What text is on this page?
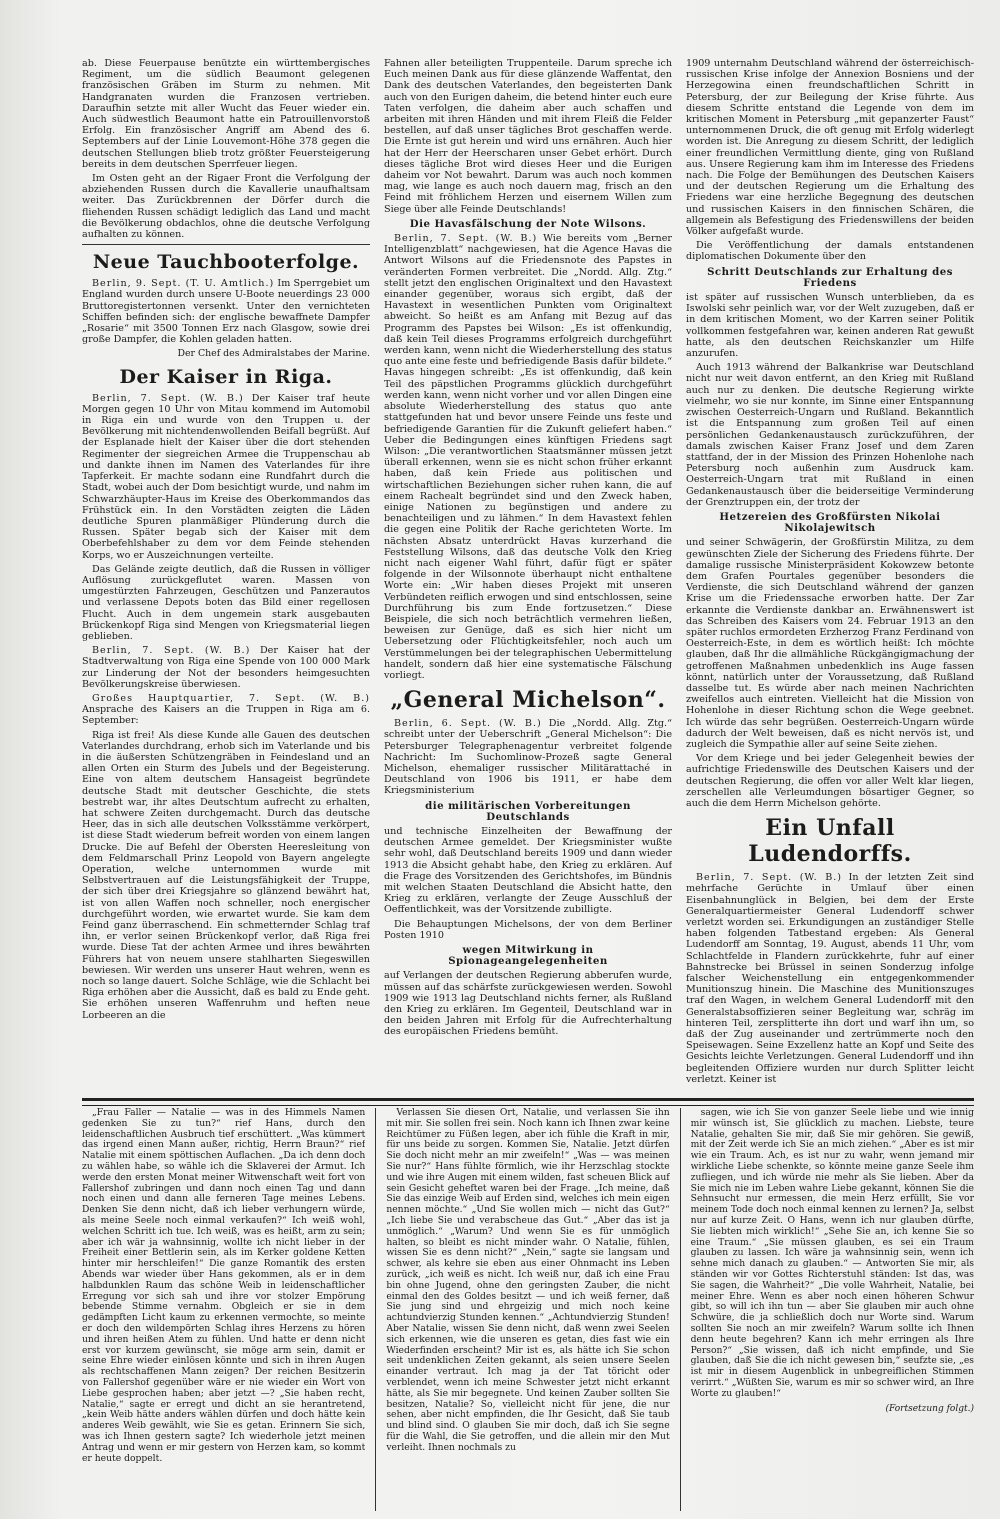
ab. Diese Feuerpause benützte ein württembergisches Regiment, um die südlich Beaumont gelegenen französischen Gräben im Sturm zu nehmen. Mit Handgranaten wurden die Franzosen vertrieben. Daraufhin setzte mit aller Wucht das Feuer wieder ein. Auch südwestlich Beaumont hatte ein Patrouillenvorstoß Erfolg. Ein französischer Angriff am Abend des 6. Septembers auf der Linie Louvemont-Höhe 378 gegen die deutschen Stellungen blieb trotz größter Feuersteigerung bereits in dem deutschen Sperrfeuer liegen.

Im Osten geht an der Rigaer Front die Verfolgung der abziehenden Russen durch die Kavallerie unaufhaltsam weiter. Das Zurückbrennen der Dörfer durch die fliehenden Russen schädigt lediglich das Land und macht die Bevölkerung obdachlos, ohne die deutsche Verfolgung aufhalten zu können.

Neue Tauchbooterfolge.

Berlin, 9. Sept. (T. U. Amtlich.) Im Sperrgebiet um England wurden durch unsere U-Boote neuerdings 23 000 Bruttoregistertonnen versenkt. Unter den vernichteten Schiffen befinden sich: der englische bewaffnete Dampfer „Rosarie“ mit 3500 Tonnen Erz nach Glasgow, sowie drei große Dampfer, die Kohlen geladen hatten.

Der Chef des Admiralstabes der Marine.
Der Kaiser in Riga.

Berlin, 7. Sept. (W. B.) Der Kaiser traf heute Morgen gegen 10 Uhr von Mitau kommend im Automobil in Riga ein und wurde von den Truppen u. der Bevölkerung mit nichtendenwollenden Beifall begrüßt. Auf der Esplanade hielt der Kaiser über die dort stehenden Regimenter der siegreichen Armee die Truppenschau ab und dankte ihnen im Namen des Vaterlandes für ihre Tapferkeit. Er machte sodann eine Rundfahrt durch die Stadt, wobei auch der Dom besichtigt wurde, und nahm im Schwarzhäupter-Haus im Kreise des Oberkommandos das Frühstück ein. In den Vorstädten zeigten die Läden deutliche Spuren planmäßiger Plünderung durch die Russen. Später begab sich der Kaiser mit dem Oberbefehlshaber zu dem vor dem Feinde stehenden Korps, wo er Auszeichnungen verteilte.

Das Gelände zeigte deutlich, daß die Russen in völliger Auflösung zurückgeflutet waren. Massen von umgestürzten Fahrzeugen, Geschützen und Panzerautos und verlassene Depots boten das Bild einer regellosen Flucht. Auch in dem ungemein stark ausgebauten Brückenkopf Riga sind Mengen von Kriegsmaterial liegen geblieben.

Berlin, 7. Sept. (W. B.) Der Kaiser hat der Stadtverwaltung von Riga eine Spende von 100 000 Mark zur Linderung der Not der besonders heimgesuchten Bevölkerungskreise überwiesen.

Großes Hauptquartier, 7. Sept. (W. B.) Ansprache des Kaisers an die Truppen in Riga am 6. September:

Riga ist frei! Als diese Kunde alle Gauen des deutschen Vaterlandes durchdrang, erhob sich im Vaterlande und bis in die äußersten Schützengräben in Feindesland und an allen Orten ein Sturm des Jubels und der Begeisterung. Eine von altem deutschem Hansageist begründete deutsche Stadt mit deutscher Geschichte, die stets bestrebt war, ihr altes Deutschtum aufrecht zu erhalten, hat schwere Zeiten durchgemacht. Durch das deutsche Heer, das in sich alle deutschen Volksstämme verkörpert, ist diese Stadt wiederum befreit worden von einem langen Drucke. Die auf Befehl der Obersten Heeresleitung von dem Feldmarschall Prinz Leopold von Bayern angelegte Operation, welche unternommen wurde mit Selbstvertrauen auf die Leistungsfähigkeit der Truppe, der sich über drei Kriegsjahre so glänzend bewährt hat, ist von allen Waffen noch schneller, noch energischer durchgeführt worden, wie erwartet wurde. Sie kam dem Feind ganz überraschend. Ein schmetternder Schlag traf ihn, er verlor seinen Brückenkopf verlor, daß Riga frei wurde. Diese Tat der achten Armee und ihres bewährten Führers hat von neuem unsere stahlharten Siegeswillen bewiesen. Wir werden uns unserer Haut wehren, wenn es noch so lange dauert. Solche Schläge, wie die Schlacht bei Riga erhöhen aber die Aussicht, daß es bald zu Ende geht. Sie erhöhen unseren Waffenruhm und heften neue Lorbeeren an die

Fahnen aller beteiligten Truppenteile. Darum spreche ich Euch meinen Dank aus für diese glänzende Waffentat, den Dank des deutschen Vaterlandes, den begeisterten Dank auch von den Eurigen daheim, die betend hinter euch eure Taten verfolgen, die daheim aber auch schaffen und arbeiten mit ihren Händen und mit ihrem Fleiß die Felder bestellen, auf daß unser tägliches Brot geschaffen werde. Die Ernte ist gut herein und wird uns ernähren. Auch hier hat der Herr der Heerscharen unser Gebet erhört. Durch dieses tägliche Brot wird dieses Heer und die Eurigen daheim vor Not bewahrt. Darum was auch noch kommen mag, wie lange es auch noch dauern mag, frisch an den Feind mit fröhlichem Herzen und eisernem Willen zum Siege über alle Feinde Deutschlands!

Die Havasfälschung der Note Wilsons.

Berlin, 7. Sept. (W. B.) Wie bereits vom „Berner Intelligenzblatt“ nachgewiesen, hat die Agence Havas die Antwort Wilsons auf die Friedensnote des Papstes in veränderten Formen verbreitet. Die „Nordd. Allg. Ztg.“ stellt jetzt den englischen Originaltext und den Havastext einander gegenüber, woraus sich ergibt, daß der Havastext in wesentlichen Punkten vom Originaltext abweicht. So heißt es am Anfang mit Bezug auf das Programm des Papstes bei Wilson: „Es ist offenkundig, daß kein Teil dieses Programms erfolgreich durchgeführt werden kann, wenn nicht die Wiederherstellung des status quo ante eine feste und befriedigende Basis dafür bildete.“ Havas hingegen schreibt: „Es ist offenkundig, daß kein Teil des päpstlichen Programms glücklich durchgeführt werden kann, wenn nicht vorher und vor allen Dingen eine absolute Wiederherstellung des status quo ante stattgefunden hat und bevor unsere Feinde uns feste und befriedigende Garantien für die Zukunft geliefert haben.“ Ueber die Bedingungen eines künftigen Friedens sagt Wilson: „Die verantwortlichen Staatsmänner müssen jetzt überall erkennen, wenn sie es nicht schon früher erkannt haben, daß kein Friede aus politischen und wirtschaftlichen Beziehungen sicher ruhen kann, die auf einem Rachealt begründet sind und den Zweck haben, einige Nationen zu begünstigen und andere zu benachteiligen und zu lähmen.“ In dem Havastext fehlen die gegen eine Politik der Rache gerichteten Worte. Im nächsten Absatz unterdrückt Havas kurzerhand die Feststellung Wilsons, daß das deutsche Volk den Krieg nicht nach eigener Wahl führt, dafür fügt er später folgende in der Wilsonnote überhaupt nicht enthaltene Worte ein: „Wir haben dieses Projekt mit unseren Verbündeten reiflich erwogen und sind entschlossen, seine Durchführung bis zum Ende fortzusetzen.“ Diese Beispiele, die sich noch beträchtlich vermehren ließen, beweisen zur Genüge, daß es sich hier nicht um Uebersetzung oder Flüchtigkeitsfehler, noch auch um Verstümmelungen bei der telegraphischen Uebermittelung handelt, sondern daß hier eine systematische Fälschung vorliegt.

„General Michelson“.

Berlin, 6. Sept. (W. B.) Die „Nordd. Allg. Ztg.“ schreibt unter der Ueberschrift „General Michelson“: Die Petersburger Telegraphenagentur verbreitet folgende Nachricht: Im Suchomlinow-Prozeß sagte General Michelson, ehemaliger russischer Militärattaché in Deutschland von 1906 bis 1911, er habe dem Kriegsministerium

die militärischen Vorbereitungen Deutschlands

und technische Einzelheiten der Bewaffnung der deutschen Armee gemeldet. Der Kriegsminister wußte sehr wohl, daß Deutschland bereits 1909 und dann wieder 1913 die Absicht gehabt habe, den Krieg zu erklären. Auf die Frage des Vorsitzenden des Gerichtshofes, im Bündnis mit welchen Staaten Deutschland die Absicht hatte, den Krieg zu erklären, verlangte der Zeuge Ausschluß der Oeffentlichkeit, was der Vorsitzende zubilligte.

Die Behauptungen Michelsons, der von dem Berliner Posten 1910

wegen Mitwirkung in Spionageangelegenheiten

auf Verlangen der deutschen Regierung abberufen wurde, müssen auf das schärfste zurückgewiesen werden. Sowohl 1909 wie 1913 lag Deutschland nichts ferner, als Rußland den Krieg zu erklären. Im Gegenteil, Deutschland war in den beiden Jahren mit Erfolg für die Aufrechterhaltung des europäischen Friedens bemüht.

1909 unternahm Deutschland während der österreichisch-russischen Krise infolge der Annexion Bosniens und der Herzegowina einen freundschaftlichen Schritt in Petersburg, der zur Beilegung der Krise führte. Aus diesem Schritte entstand die Legende von dem im kritischen Moment in Petersburg „mit gepanzerter Faust“ unternommenen Druck, die oft genug mit Erfolg widerlegt worden ist. Die Anregung zu diesem Schritt, der lediglich einer freundlichen Vermittlung diente, ging von Rußland aus. Unsere Regierung kam ihm im Interesse des Friedens nach. Die Folge der Bemühungen des Deutschen Kaisers und der deutschen Regierung um die Erhaltung des Friedens war eine herzliche Begegnung des deutschen und russischen Kaisers in den finnischen Schären, die allgemein als Befestigung des Friedenswillens der beiden Völker aufgefaßt wurde.

Die Veröffentlichung der damals entstandenen diplomatischen Dokumente über den

Schritt Deutschlands zur Erhaltung des Friedens

ist später auf russischen Wunsch unterblieben, da es Iswolski sehr peinlich war, vor der Welt zuzugeben, daß er in dem kritischen Moment, wo der Karren seiner Politik vollkommen festgefahren war, keinen anderen Rat gewußt hatte, als den deutschen Reichskanzler um Hilfe anzurufen.

Auch 1913 während der Balkankrise war Deutschland nicht nur weit davon entfernt, an den Krieg mit Rußland auch nur zu denken. Die deutsche Regierung wirkte vielmehr, wo sie nur konnte, im Sinne einer Entspannung zwischen Oesterreich-Ungarn und Rußland. Bekanntlich ist die Entspannung zum großen Teil auf einen persönlichen Gedankenaustausch zurückzuführen, der damals zwischen Kaiser Franz Josef und dem Zaren stattfand, der in der Mission des Prinzen Hohenlohe nach Petersburg noch außenhin zum Ausdruck kam. Oesterreich-Ungarn trat mit Rußland in einen Gedankenaustausch über die beiderseitige Verminderung der Grenztruppen ein, der trotz der

Hetzereien des Großfürsten Nikolai Nikolajewitsch

und seiner Schwägerin, der Großfürstin Militza, zu dem gewünschten Ziele der Sicherung des Friedens führte. Der damalige russische Ministerpräsident Kokowzew betonte dem Grafen Pourtales gegenüber besonders die Verdienste, die sich Deutschland während der ganzen Krise um die Friedenssache erworben hatte. Der Zar erkannte die Verdienste dankbar an. Erwähnenswert ist das Schreiben des Kaisers vom 24. Februar 1913 an den später ruchlos ermordeten Erzherzog Franz Ferdinand von Oesterreich-Este, in dem es wörtlich heißt: Ich möchte glauben, daß Ihr die allmähliche Rückgängigmachung der getroffenen Maßnahmen unbedenklich ins Auge fassen könnt, natürlich unter der Voraussetzung, daß Rußland dasselbe tut. Es würde aber nach meinen Nachrichten zweifellos auch eintreten. Vielleicht hat die Mission von Hohenlohe in dieser Richtung schon die Wege geebnet. Ich würde das sehr begrüßen. Oesterreich-Ungarn würde dadurch der Welt beweisen, daß es nicht nervös ist, und zugleich die Sympathie aller auf seine Seite ziehen.

Vor dem Kriege und bei jeder Gelegenheit bewies der aufrichtige Friedenswille des Deutschen Kaisers und der deutschen Regierung, die offen vor aller Welt klar liegen, zerschellen alle Verleumdungen bösartiger Gegner, so auch die dem Herrn Michelson gehörte.

Ein Unfall Ludendorffs.

Berlin, 7. Sept. (W. B.) In der letzten Zeit sind mehrfache Gerüchte in Umlauf über einen Eisenbahnunglück in Belgien, bei dem der Erste Generalquartiermeister General Ludendorff schwer verletzt worden sei. Erkundigungen an zuständiger Stelle haben folgenden Tatbestand ergeben: Als General Ludendorff am Sonntag, 19. August, abends 11 Uhr, vom Schlachtfelde in Flandern zurückkehrte, fuhr auf einer Bahnstrecke bei Brüssel in seinen Sonderzug infolge falscher Weichenstellung ein entgegenkommender Munitionszug hinein. Die Maschine des Munitionszuges traf den Wagen, in welchem General Ludendorff mit den Generalstabsoffizieren seiner Begleitung war, schräg im hinteren Teil, zersplitterte ihn dort und warf ihn um, so daß der Zug auseinander und zertrümmerte noch den Speisewagen. Seine Exzellenz hatte an Kopf und Seite des Gesichts leichte Verletzungen. General Ludendorff und ihn begleitenden Offiziere wurden nur durch Splitter leicht verletzt. Keiner ist

„Frau Faller — Natalie — was in des Himmels Namen gedenken Sie zu tun?“ rief Hans, durch den leidenschaftlichen Ausbruch tief erschüttert. „Was kümmert das irgend einen Mann außer, richtig, Herrn Braun?“ rief Natalie mit einem spöttischen Auflachen. „Da ich denn doch zu wählen habe, so wähle ich die Sklaverei der Armut. Ich werde den ersten Monat meiner Witwenschaft weit fort von Fallershof zubringen und dann noch einen Tag und dann noch einen und dann alle ferneren Tage meines Lebens. Denken Sie denn nicht, daß ich lieber verhungern würde, als meine Seele noch einmal verkaufen?“ Ich weiß wohl, welchen Schritt ich tue. Ich weiß, was es heißt, arm zu sein; aber ich wär ja wahnsinnig, wollte ich nicht lieber in der Freiheit einer Bettlerin sein, als im Kerker goldene Ketten hinter mir herschleifen!“ Die ganze Romantik des ersten Abends war wieder über Hans gekommen, als er in dem halbdunklen Raum das schöne Weib in leidenschaftlicher Erregung vor sich sah und ihre vor stolzer Empörung bebende Stimme vernahm. Obgleich er sie in dem gedämpften Licht kaum zu erkennen vermochte, so meinte er doch den wildempörten Schlag ihres Herzens zu hören und ihren heißen Atem zu fühlen. Und hatte er denn nicht erst vor kurzem gewünscht, sie möge arm sein, damit er seine Ehre wieder einlösen könnte und sich in ihren Augen als rechtschaffenen Mann zeigen? Der reichen Besitzerin von Fallershof gegenüber wäre er nie wieder ein Wort von Liebe gesprochen haben; aber jetzt —? „Sie haben recht, Natalie,“ sagte er erregt und dicht an sie herantretend, „kein Weib hätte anders wählen dürfen und doch hätte kein anderes Weib gewählt, wie Sie es getan. Erinnern Sie sich, was ich Ihnen gestern sagte? Ich wiederhole jetzt meinen Antrag und wenn er mir gestern von Herzen kam, so kommt er heute doppelt.

Verlassen Sie diesen Ort, Natalie, und verlassen Sie ihn mit mir. Sie sollen frei sein. Noch kann ich Ihnen zwar keine Reichtümer zu Füßen legen, aber ich fühle die Kraft in mir, für uns beide zu sorgen. Kommen Sie, Natalie. Jetzt dürfen Sie doch nicht mehr an mir zweifeln!“ „Was — was meinen Sie nur?“ Hans fühlte förmlich, wie ihr Herzschlag stockte und wie ihre Augen mit einem wilden, fast scheuen Blick auf sein Gesicht geheftet waren bei der Frage. „Ich meine, daß Sie das einzige Weib auf Erden sind, welches ich mein eigen nennen möchte.“ „Und Sie wollen mich — nicht das Gut?“ „Ich liebe Sie und verabscheue das Gut.“ „Aber das ist ja unmöglich.“ „Warum? Und wenn Sie es für unmöglich halten, so bleibt es nicht minder wahr. O Natalie, fühlen, wissen Sie es denn nicht?“ „Nein,“ sagte sie langsam und schwer, als kehre sie eben aus einer Ohnmacht ins Leben zurück, „ich weiß es nicht. Ich weiß nur, daß ich eine Frau bin ohne Jugend, ohne den geringsten Zauber, die nicht einmal den des Goldes besitzt — und ich weiß ferner, daß Sie jung sind und ehrgeizig und mich noch keine achtundvierzig Stunden kennen.“ „Achtundvierzig Stunden! Aber Natalie, wissen Sie denn nicht, daß wenn zwei Seelen sich erkennen, wie die unseren es getan, dies fast wie ein Wiederfinden erscheint? Mir ist es, als hätte ich Sie schon seit undenklichen Zeiten gekannt, als seien unsere Seelen einander vertraut. Ich mag ja der Tat töricht oder verblendet, wenn ich meine Schwester jetzt nicht erkannt hätte, als Sie mir begegnete. Und keinen Zauber sollten Sie besitzen, Natalie? So, vielleicht nicht für jene, die nur sehen, aber nicht empfinden, die Ihr Gesicht, daß Sie taub und blind sind. O glauben Sie mir doch, daß ich Sie segne für die Wahl, die Sie getroffen, und die allein mir den Mut verleiht. Ihnen nochmals zu

sagen, wie ich Sie von ganzer Seele liebe und wie innig mir wünsch ist, Sie glücklich zu machen. Liebste, teure Natalie, gehalten Sie mir, daß Sie mir gehören. Sie gewiß, mit der Zeit werde ich Sie an mich ziehen.“ „Aber es ist mir wie ein Traum. Ach, es ist nur zu wahr, wenn jemand mir wirkliche Liebe schenkte, so könnte meine ganze Seele ihm zufliegen, und ich würde nie mehr als Sie lieben. Aber da Sie mich nie im Leben wahre Liebe gekannt, können Sie die Sehnsucht nur ermessen, die mein Herz erfüllt, Sie vor meinem Tode doch noch einmal kennen zu lernen? Ja, selbst nur auf kurze Zeit. O Hans, wenn ich nur glauben dürfte, Sie liebten mich wirklich!“ „Sehe Sie an, ich kenne Sie so eine Traum.“ „Sie müssen glauben, es sei ein Traum glauben zu lassen. Ich wäre ja wahnsinnig sein, wenn ich sehne mich danach zu glauben.“ — Antworten Sie mir, als ständen wir vor Gottes Richterstuhl ständen: Ist das, was Sie sagen, die Wahrheit?“ „Die volle Wahrheit, Natalie, bei meiner Ehre. Wenn es aber noch einen höheren Schwur gibt, so will ich ihn tun — aber Sie glauben mir auch ohne Schwüre, die ja schließlich doch nur Worte sind. Warum sollten Sie noch an mir zweifeln? Warum sollte ich Ihnen denn heute begehren? Kann ich mehr erringen als Ihre Person?“ „Sie wissen, daß ich nicht empfinde, und Sie glauben, daß Sie die ich nicht gewesen bin,“ seufzte sie, „es ist mir in diesem Augenblick in unbegreiflichen Stimmen verirrt.“ „Wüßten Sie, warum es mir so schwer wird, an Ihre Worte zu glauben!“

(Fortsetzung folgt.)
